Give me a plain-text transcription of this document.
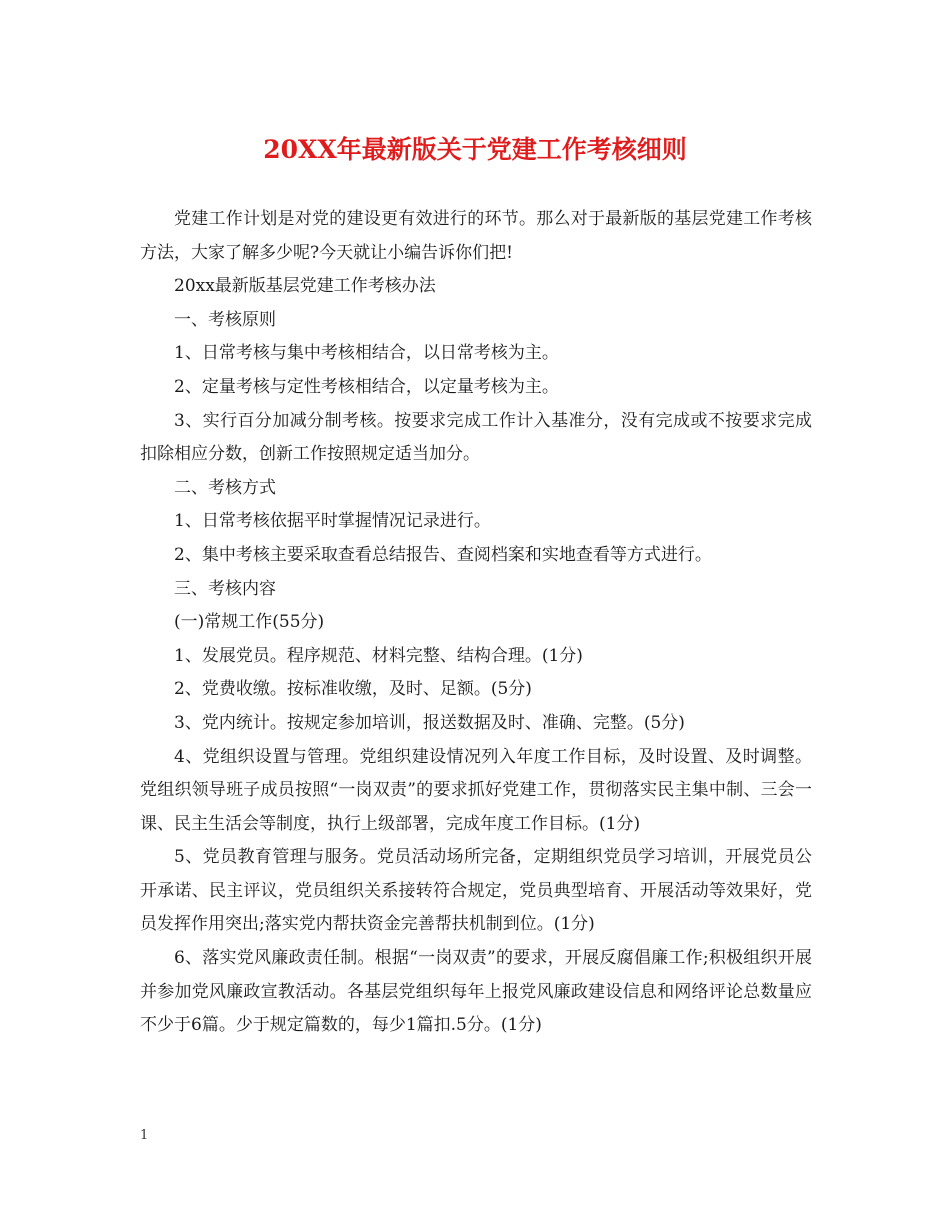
20XX年最新版关于党建工作考核细则

党建工作计划是对党的建设更有效进行的环节。那么对于最新版的基层党建工作考核方法，大家了解多少呢?今天就让小编告诉你们把!

20xx最新版基层党建工作考核办法

一、考核原则

1、日常考核与集中考核相结合，以日常考核为主。

2、定量考核与定性考核相结合，以定量考核为主。

3、实行百分加减分制考核。按要求完成工作计入基准分，没有完成或不按要求完成扣除相应分数，创新工作按照规定适当加分。

二、考核方式

1、日常考核依据平时掌握情况记录进行。

2、集中考核主要采取查看总结报告、查阅档案和实地查看等方式进行。

三、考核内容

(一)常规工作(55分)

1、发展党员。程序规范、材料完整、结构合理。(1分)

2、党费收缴。按标准收缴，及时、足额。(5分)

3、党内统计。按规定参加培训，报送数据及时、准确、完整。(5分)

4、党组织设置与管理。党组织建设情况列入年度工作目标，及时设置、及时调整。党组织领导班子成员按照“一岗双责”的要求抓好党建工作，贯彻落实民主集中制、三会一课、民主生活会等制度，执行上级部署，完成年度工作目标。(1分)

5、党员教育管理与服务。党员活动场所完备，定期组织党员学习培训，开展党员公开承诺、民主评议，党员组织关系接转符合规定，党员典型培育、开展活动等效果好，党员发挥作用突出;落实党内帮扶资金完善帮扶机制到位。(1分)

6、落实党风廉政责任制。根据“一岗双责”的要求，开展反腐倡廉工作;积极组织开展并参加党风廉政宣教活动。各基层党组织每年上报党风廉政建设信息和网络评论总数量应不少于6篇。少于规定篇数的，每少1篇扣.5分。(1分)

1
